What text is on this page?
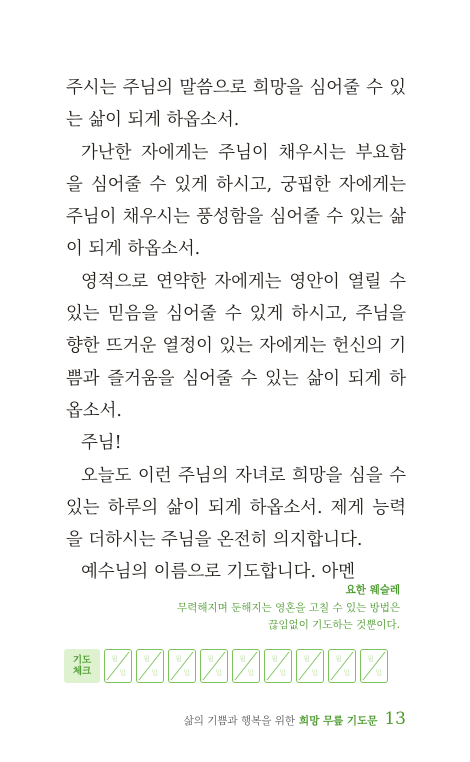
주시는 주님의 말씀으로 희망을 심어줄 수 있
는 삶이 되게 하옵소서.
가난한 자에게는 주님이 채우시는 부요함
을 심어줄 수 있게 하시고, 궁핍한 자에게는
주님이 채우시는 풍성함을 심어줄 수 있는 삶
이 되게 하옵소서.
영적으로 연약한 자에게는 영안이 열릴 수
있는 믿음을 심어줄 수 있게 하시고, 주님을
향한 뜨거운 열정이 있는 자에게는 헌신의 기
쁨과 즐거움을 심어줄 수 있는 삶이 되게 하
옵소서.
주님!
오늘도 이런 주님의 자녀로 희망을 심을 수
있는 하루의 삶이 되게 하옵소서. 제게 능력
을 더하시는 주님을 온전히 의지합니다.
예수님의 이름으로 기도합니다. 아멘
요한 웨슬레
무력해지며 둔해지는 영혼을 고칠 수 있는 방법은
끊임없이 기도하는 것뿐이다.
기도
체크
월
일
월
일
월
일
월
일
월
일
월
일
월
일
월
일
월
일
삶의 기쁨과 행복을 위한 희망 무릎 기도문 13
